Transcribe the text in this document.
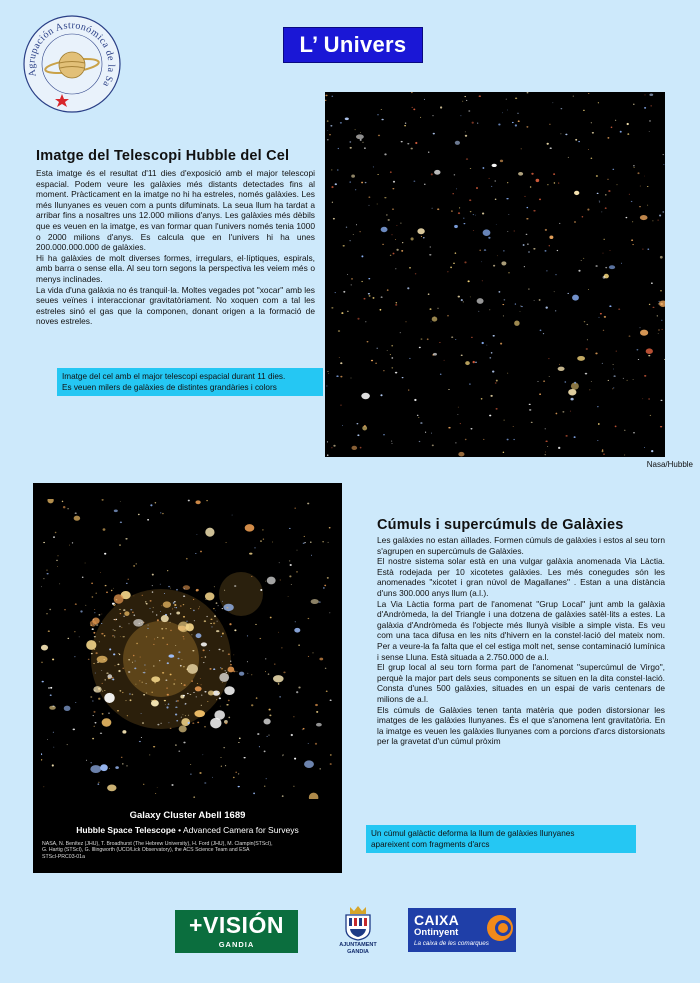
Agrupación Astronómica de la Sa
L’ Univers
Nasa/Hubble
Imatge del Telescopi Hubble del Cel

Esta imatge és el resultat d'11 dies d'exposició amb el major telescopi espacial. Podem veure les galàxies més distants detectades fins al moment. Pràcticament en la imatge no hi ha estreles, només galàxies. Les més llunyanes es veuen com a punts difuminats. La seua llum ha tardat a arribar fins a nosaltres uns 12.000 milions d'anys. Les galàxies més dèbils que es veuen en la imatge, es van formar quan l'univers només tenia 1000 o 2000 milions d'anys. Es calcula que en l'univers hi ha unes 200.000.000.000 de galàxies.

Hi ha galàxies de molt diverses formes, irregulars, el·líptiques, espirals, amb barra o sense ella. Al seu torn segons la perspectiva les veiem més o menys inclinades.

La vida d'una galàxia no és tranquil·la. Moltes vegades pot "xocar" amb les seues veïnes i interaccionar gravitatòriament. No xoquen com a tal les estreles sinó el gas que la componen, donant origen a la formació de noves estreles.

Imatge del cel amb el major telescopi espacial durant 11 dies.
Es veuen milers de galàxies de distintes grandàries i colors
Galaxy Cluster Abell 1689
Hubble Space Telescope • Advanced Camera for Surveys
NASA, N. Benítez (JHU), T. Broadhurst (The Hebrew University), H. Ford (JHU), M. Clampin(STScI),
G. Hartig (STScI), G. Illingworth (UCO/Lick Observatory), the ACS Science Team and ESA
STScI-PRC03-01a
Cúmuls i supercúmuls de Galàxies

Les galàxies no estan aïllades. Formen cúmuls de galàxies i estos al seu torn s'agrupen en supercúmuls de Galàxies.

El nostre sistema solar està en una vulgar galàxia anomenada Via Làctia. Està rodejada per 10 xicotetes galàxies. Les més conegudes són les anomenades "xicotet i gran núvol de Magallanes" . Estan a una distància d'uns 300.000 anys llum (a.l.).

La Via Làctia forma part de l'anomenat "Grup Local" junt amb la galàxia d'Andròmeda, la del Triangle i una dotzena de galàxies satèl·lits a estes. La galàxia d'Andròmeda és l'objecte més llunyà visible a simple vista. Es veu com una taca difusa en les nits d'hivern en la constel·lació del mateix nom. Per a veure-la fa falta que el cel estiga molt net, sense contaminació lumínica i sense Lluna. Està situada a 2.750.000 de a.l.

El grup local al seu torn forma part de l'anomenat "supercúmul de Virgo", perquè la major part dels seus components se situen en la dita constel·lació. Consta d'unes 500 galàxies, situades en un espai de varis centenars de milions de a.l.

Els cúmuls de Galàxies tenen tanta matèria que poden distorsionar les imatges de les galàxies llunyanes. És el que s'anomena lent gravitatòria. En la imatge es veuen les galàxies llunyanes com a porcions d'arcs distorsionats per la gravetat d'un cúmul pròxim

Un cúmul galàctic deforma la llum de galàxies llunyanes
apareixent com fragments d'arcs
+VISIÓN
GANDIA	AJUNTAMENT
GANDIA
CAIXA
Ontinyent
La caixa de les comarques
